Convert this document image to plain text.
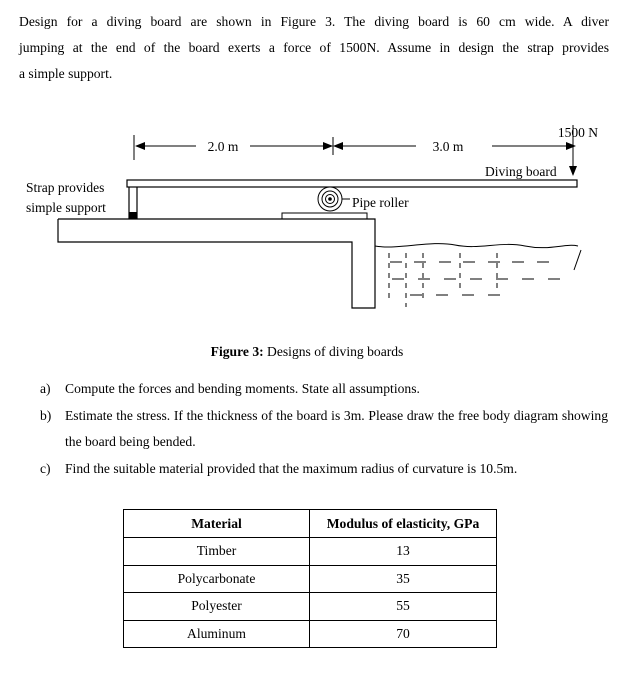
Design for a diving board are shown in Figure 3. The diving board is 60 cm wide. A diver
jumping at the end of the board exerts a force of 1500N. Assume in design the strap provides
a simple support.
2.0 m	3.0 m
1500 N
Diving board
Strap provides
simple support	Pipe roller
Figure 3: Designs of diving boards
a) Compute the forces and bending moments. State all assumptions.
b) Estimate the stress. If the thickness of the board is 3m. Please draw the free body diagram showing the board being bended.
c) Find the suitable material provided that the maximum radius of curvature is 10.5m.
Material	Modulus of elasticity, GPa
Timber	13
Polycarbonate	35
Polyester	55
Aluminum	70
